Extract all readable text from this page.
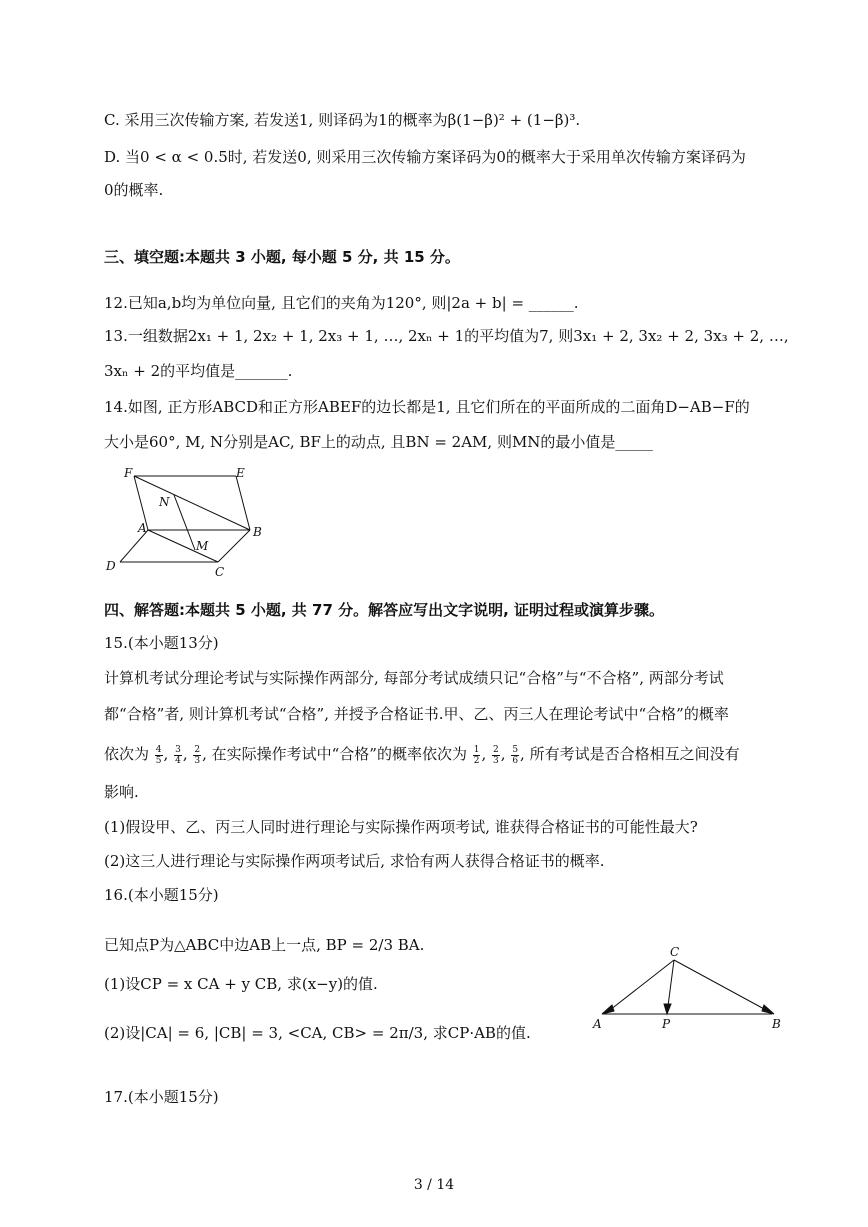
C. 采用三次传输方案, 若发送1, 则译码为1的概率为β(1−β)² + (1−β)³.
D. 当0 < α < 0.5时, 若发送0, 则采用三次传输方案译码为0的概率大于采用单次传输方案译码为
0的概率.
三、填空题:本题共 3 小题, 每小题 5 分, 共 15 分。
12.已知a,b均为单位向量, 且它们的夹角为120°, 则|2a + b| = ______.
13.一组数据2x₁ + 1, 2x₂ + 1, 2x₃ + 1, …, 2xₙ + 1的平均值为7, 则3x₁ + 2, 3x₂ + 2, 3x₃ + 2, …,
3xₙ + 2的平均值是_______.
14.如图, 正方形ABCD和正方形ABEF的边长都是1, 且它们所在的平面所成的二面角D−AB−F的
大小是60°, M, N分别是AC, BF上的动点, 且BN = 2AM, 则MN的最小值是_____
F	E
N
A	B
M
D	C
四、解答题:本题共 5 小题, 共 77 分。解答应写出文字说明, 证明过程或演算步骤。
15.(本小题13分)
计算机考试分理论考试与实际操作两部分, 每部分考试成绩只记“合格”与“不合格”, 两部分考试
都“合格”者, 则计算机考试“合格”, 并授予合格证书.甲、乙、丙三人在理论考试中“合格”的概率
依次为 $\frac{4}{5}$ , $\frac{3}{4}$ , $\frac{2}{3}$ , 在实际操作考试中“合格”的概率依次为 $\frac{1}{2}$ , $\frac{2}{3}$ , $\frac{5}{6}$ , 所有考试是否合格相互之间没有
影响.
(1)假设甲、乙、丙三人同时进行理论与实际操作两项考试, 谁获得合格证书的可能性最大?
(2)这三人进行理论与实际操作两项考试后, 求恰有两人获得合格证书的概率.
16.(本小题15分)
已知点P为△ABC中边AB上一点, BP = 2/3 BA.
(1)设CP = x CA + y CB, 求(x−y)的值.
(2)设|CA| = 6, |CB| = 3, <CA, CB> = 2π/3, 求CP·AB的值.
C
A	P	B
17.(本小题15分)
3 / 14
